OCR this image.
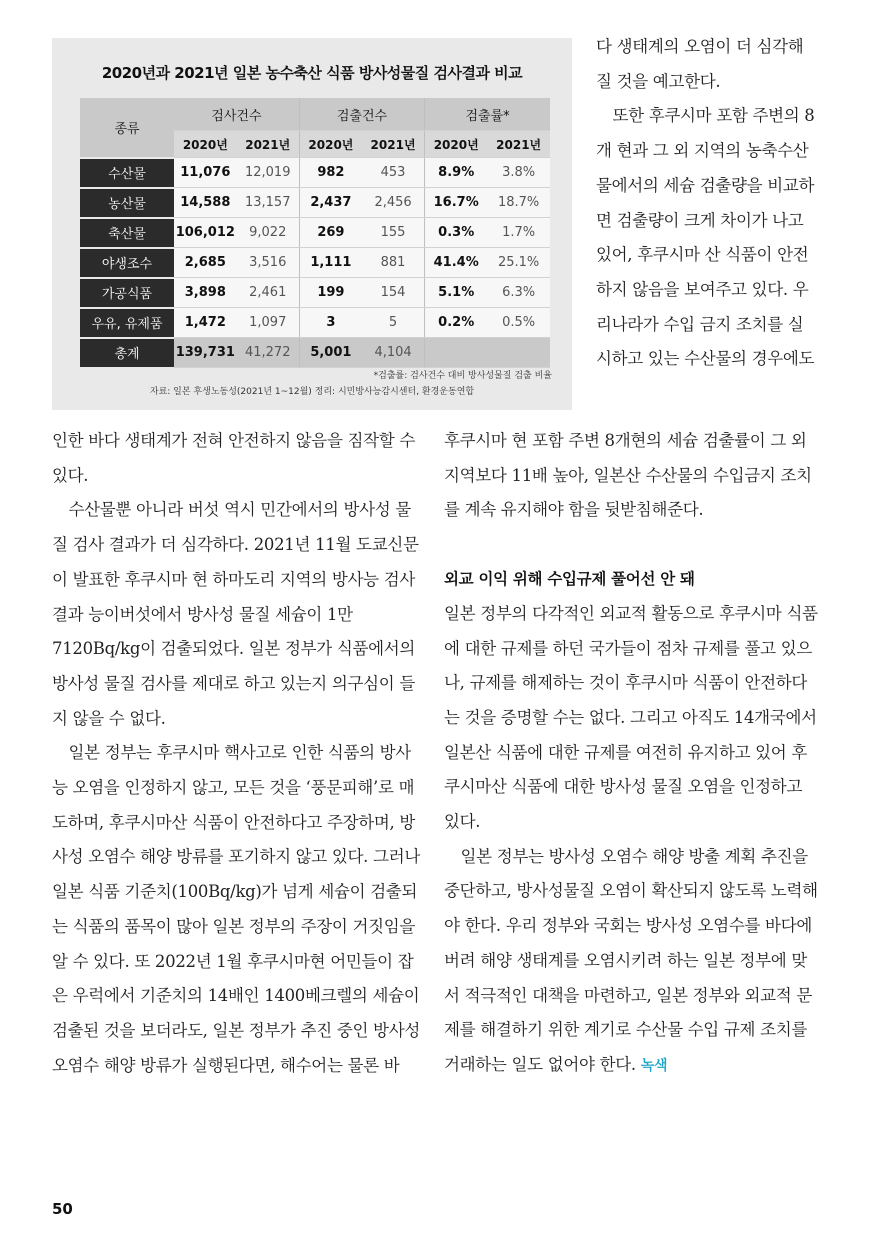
2020년과 2021년 일본 농수축산 식품 방사성물질 검사결과 비교
종류	검사건수		검출건수		검출률*	
	2020년	2021년	2020년	2021년	2020년	2021년
수산물	11,076	12,019	982	453	8.9%	3.8%
농산물	14,588	13,157	2,437	2,456	16.7%	18.7%
축산물	106,012	9,022	269	155	0.3%	1.7%
야생조수	2,685	3,516	1,111	881	41.4%	25.1%
가공식품	3,898	2,461	199	154	5.1%	6.3%
우유, 유제품	1,472	1,097	3	5	0.2%	0.5%
총계	139,731	41,272	5,001	4,104		
*검출률: 검사건수 대비 방사성물질 검출 비율
자료: 일본 후생노동성(2021년 1~12월) 정리: 시민방사능감시센터, 환경운동연합

다 생태계의 오염이 더 심각해질 것을 예고한다.

또한 후쿠시마 포함 주변의 8개 현과 그 외 지역의 농축수산물에서의 세슘 검출량을 비교하면 검출량이 크게 차이가 나고 있어, 후쿠시마 산 식품이 안전하지 않음을 보여주고 있다. 우리나라가 수입 금지 조치를 실시하고 있는 수산물의 경우에도

인한 바다 생태계가 전혀 안전하지 않음을 짐작할 수 있다.

수산물뿐 아니라 버섯 역시 민간에서의 방사성 물질 검사 결과가 더 심각하다. 2021년 11월 도쿄신문이 발표한 후쿠시마 현 하마도리 지역의 방사능 검사결과 능이버섯에서 방사성 물질 세슘이 1만7120Bq/kg이 검출되었다. 일본 정부가 식품에서의 방사성 물질 검사를 제대로 하고 있는지 의구심이 들지 않을 수 없다.

일본 정부는 후쿠시마 핵사고로 인한 식품의 방사능 오염을 인정하지 않고, 모든 것을 ‘풍문피해’로 매도하며, 후쿠시마산 식품이 안전하다고 주장하며, 방사성 오염수 해양 방류를 포기하지 않고 있다. 그러나 일본 식품 기준치(100Bq/kg)가 넘게 세슘이 검출되는 식품의 품목이 많아 일본 정부의 주장이 거짓임을 알 수 있다. 또 2022년 1월 후쿠시마현 어민들이 잡은 우럭에서 기준치의 14배인 1400베크렐의 세슘이 검출된 것을 보더라도, 일본 정부가 추진 중인 방사성 오염수 해양 방류가 실행된다면, 해수어는 물론 바

후쿠시마 현 포함 주변 8개현의 세슘 검출률이 그 외 지역보다 11배 높아, 일본산 수산물의 수입금지 조치를 계속 유지해야 함을 뒷받침해준다.

외교 이익 위해 수입규제 풀어선 안 돼

일본 정부의 다각적인 외교적 활동으로 후쿠시마 식품에 대한 규제를 하던 국가들이 점차 규제를 풀고 있으나, 규제를 해제하는 것이 후쿠시마 식품이 안전하다는 것을 증명할 수는 없다. 그리고 아직도 14개국에서 일본산 식품에 대한 규제를 여전히 유지하고 있어 후쿠시마산 식품에 대한 방사성 물질 오염을 인정하고 있다.

일본 정부는 방사성 오염수 해양 방출 계획 추진을 중단하고, 방사성물질 오염이 확산되지 않도록 노력해야 한다. 우리 정부와 국회는 방사성 오염수를 바다에 버려 해양 생태계를 오염시키려 하는 일본 정부에 맞서 적극적인 대책을 마련하고, 일본 정부와 외교적 문제를 해결하기 위한 계기로 수산물 수입 규제 조치를 거래하는 일도 없어야 한다. 녹색

50
